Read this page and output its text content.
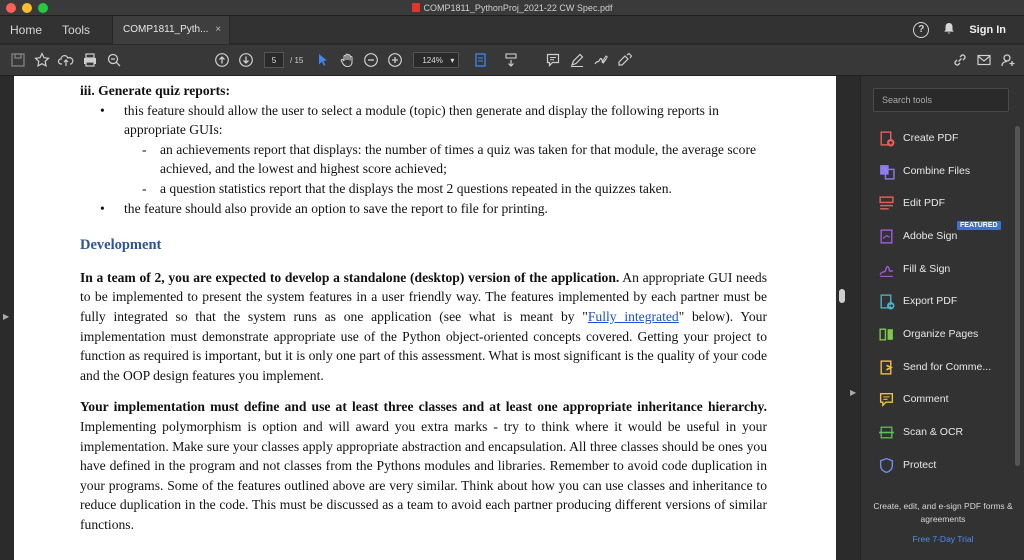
COMP1811_PythonProj_2021-22 CW Spec.pdf
Home	Tools	COMP1811_Pyth... ×	?	Sign In
5	/ 15	124% ▾
▶
iii. Generate quiz reports:
• this feature should allow the user to select a module (topic) then generate and display the following reports in appropriate GUIs:
- an achievements report that displays: the number of times a quiz was taken for that module, the average score achieved, and the lowest and highest score achieved;
- a question statistics report that the displays the most 2 questions repeated in the quizzes taken.
• the feature should also provide an option to save the report to file for printing.
Development
In a team of 2, you are expected to develop a standalone (desktop) version of the application. An appropriate GUI needs to be implemented to present the system features in a user friendly way. The features implemented by each partner must be fully integrated so that the system runs as one application (see what is meant by "Fully integrated" below). Your implementation must demonstrate appropriate use of the Python object-oriented concepts covered. Getting your project to function as required is important, but it is only one part of this assessment. What is most significant is the quality of your code and the OOP design features you implement.
Your implementation must define and use at least three classes and at least one appropriate inheritance hierarchy. Implementing polymorphism is option and will award you extra marks - try to think where it would be useful in your implementation. Make sure your classes apply appropriate abstraction and encapsulation. All three classes should be ones you have defined in the program and not classes from the Pythons modules and libraries. Remember to avoid code duplication in your programs. Some of the features outlined above are very similar. Think about how you can use classes and inheritance to reduce duplication in the code. This must be discussed as a team to avoid each partner producing different versions of similar functions.
▶
Search tools
Create PDF
Combine Files
Edit PDF
Adobe Sign
Fill & Sign
Export PDF
Organize Pages
Send for Comme...
Comment
Scan & OCR
Protect
FEATURED
Create, edit, and e-sign PDF forms & agreements
Free 7-Day Trial
